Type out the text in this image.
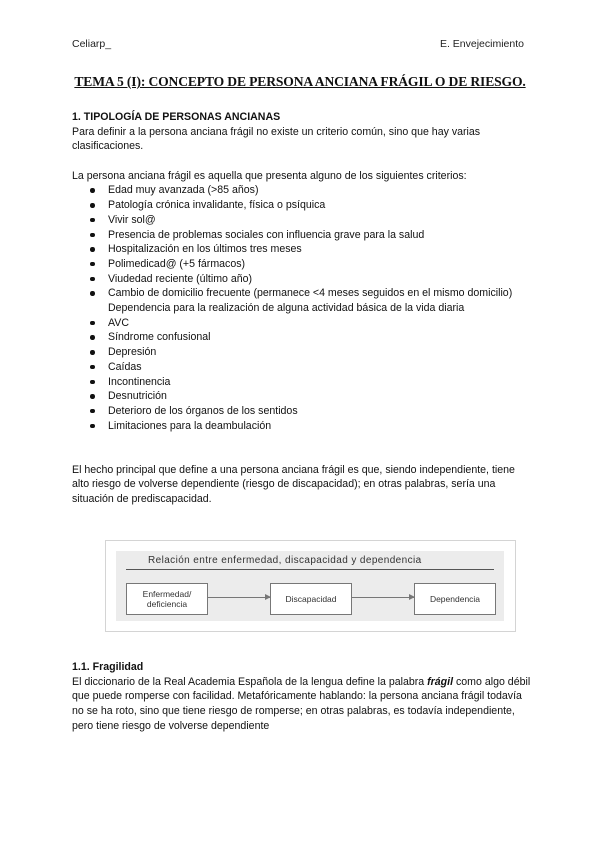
Celiarp_	E. Envejecimiento
TEMA 5 (I): CONCEPTO DE PERSONA ANCIANA FRÁGIL O DE RIESGO.

1. TIPOLOGÍA DE PERSONAS ANCIANAS

Para definir a la persona anciana frágil no existe un criterio común, sino que hay varias clasificaciones.

La persona anciana frágil es aquella que presenta alguno de los siguientes criterios:

Edad muy avanzada (>85 años)
Patología crónica invalidante, física o psíquica
Vivir sol@
Presencia de problemas sociales con influencia grave para la salud
Hospitalización en los últimos tres meses
Polimedicad@ (+5 fármacos)
Viudedad reciente (último año)
Cambio de domicilio frecuente (permanece <4 meses seguidos en el mismo domicilio)

Dependencia para la realización de alguna actividad básica de la vida diaria

AVC
Síndrome confusional
Depresión
Caídas
Incontinencia
Desnutrición
Deterioro de los órganos de los sentidos
Limitaciones para la deambulación

El hecho principal que define a una persona anciana frágil es que, siendo independiente, tiene alto riesgo de volverse dependiente (riesgo de discapacidad); en otras palabras, sería una situación de prediscapacidad.

Relación entre enfermedad, discapacidad y dependencia
Enfermedad/ deficiencia	Discapacidad	Dependencia

1.1. Fragilidad

El diccionario de la Real Academia Española de la lengua define la palabra frágil como algo débil que puede romperse con facilidad. Metafóricamente hablando: la persona anciana frágil todavía no se ha roto, sino que tiene riesgo de romperse; en otras palabras, es todavía independiente, pero tiene riesgo de volverse dependiente
